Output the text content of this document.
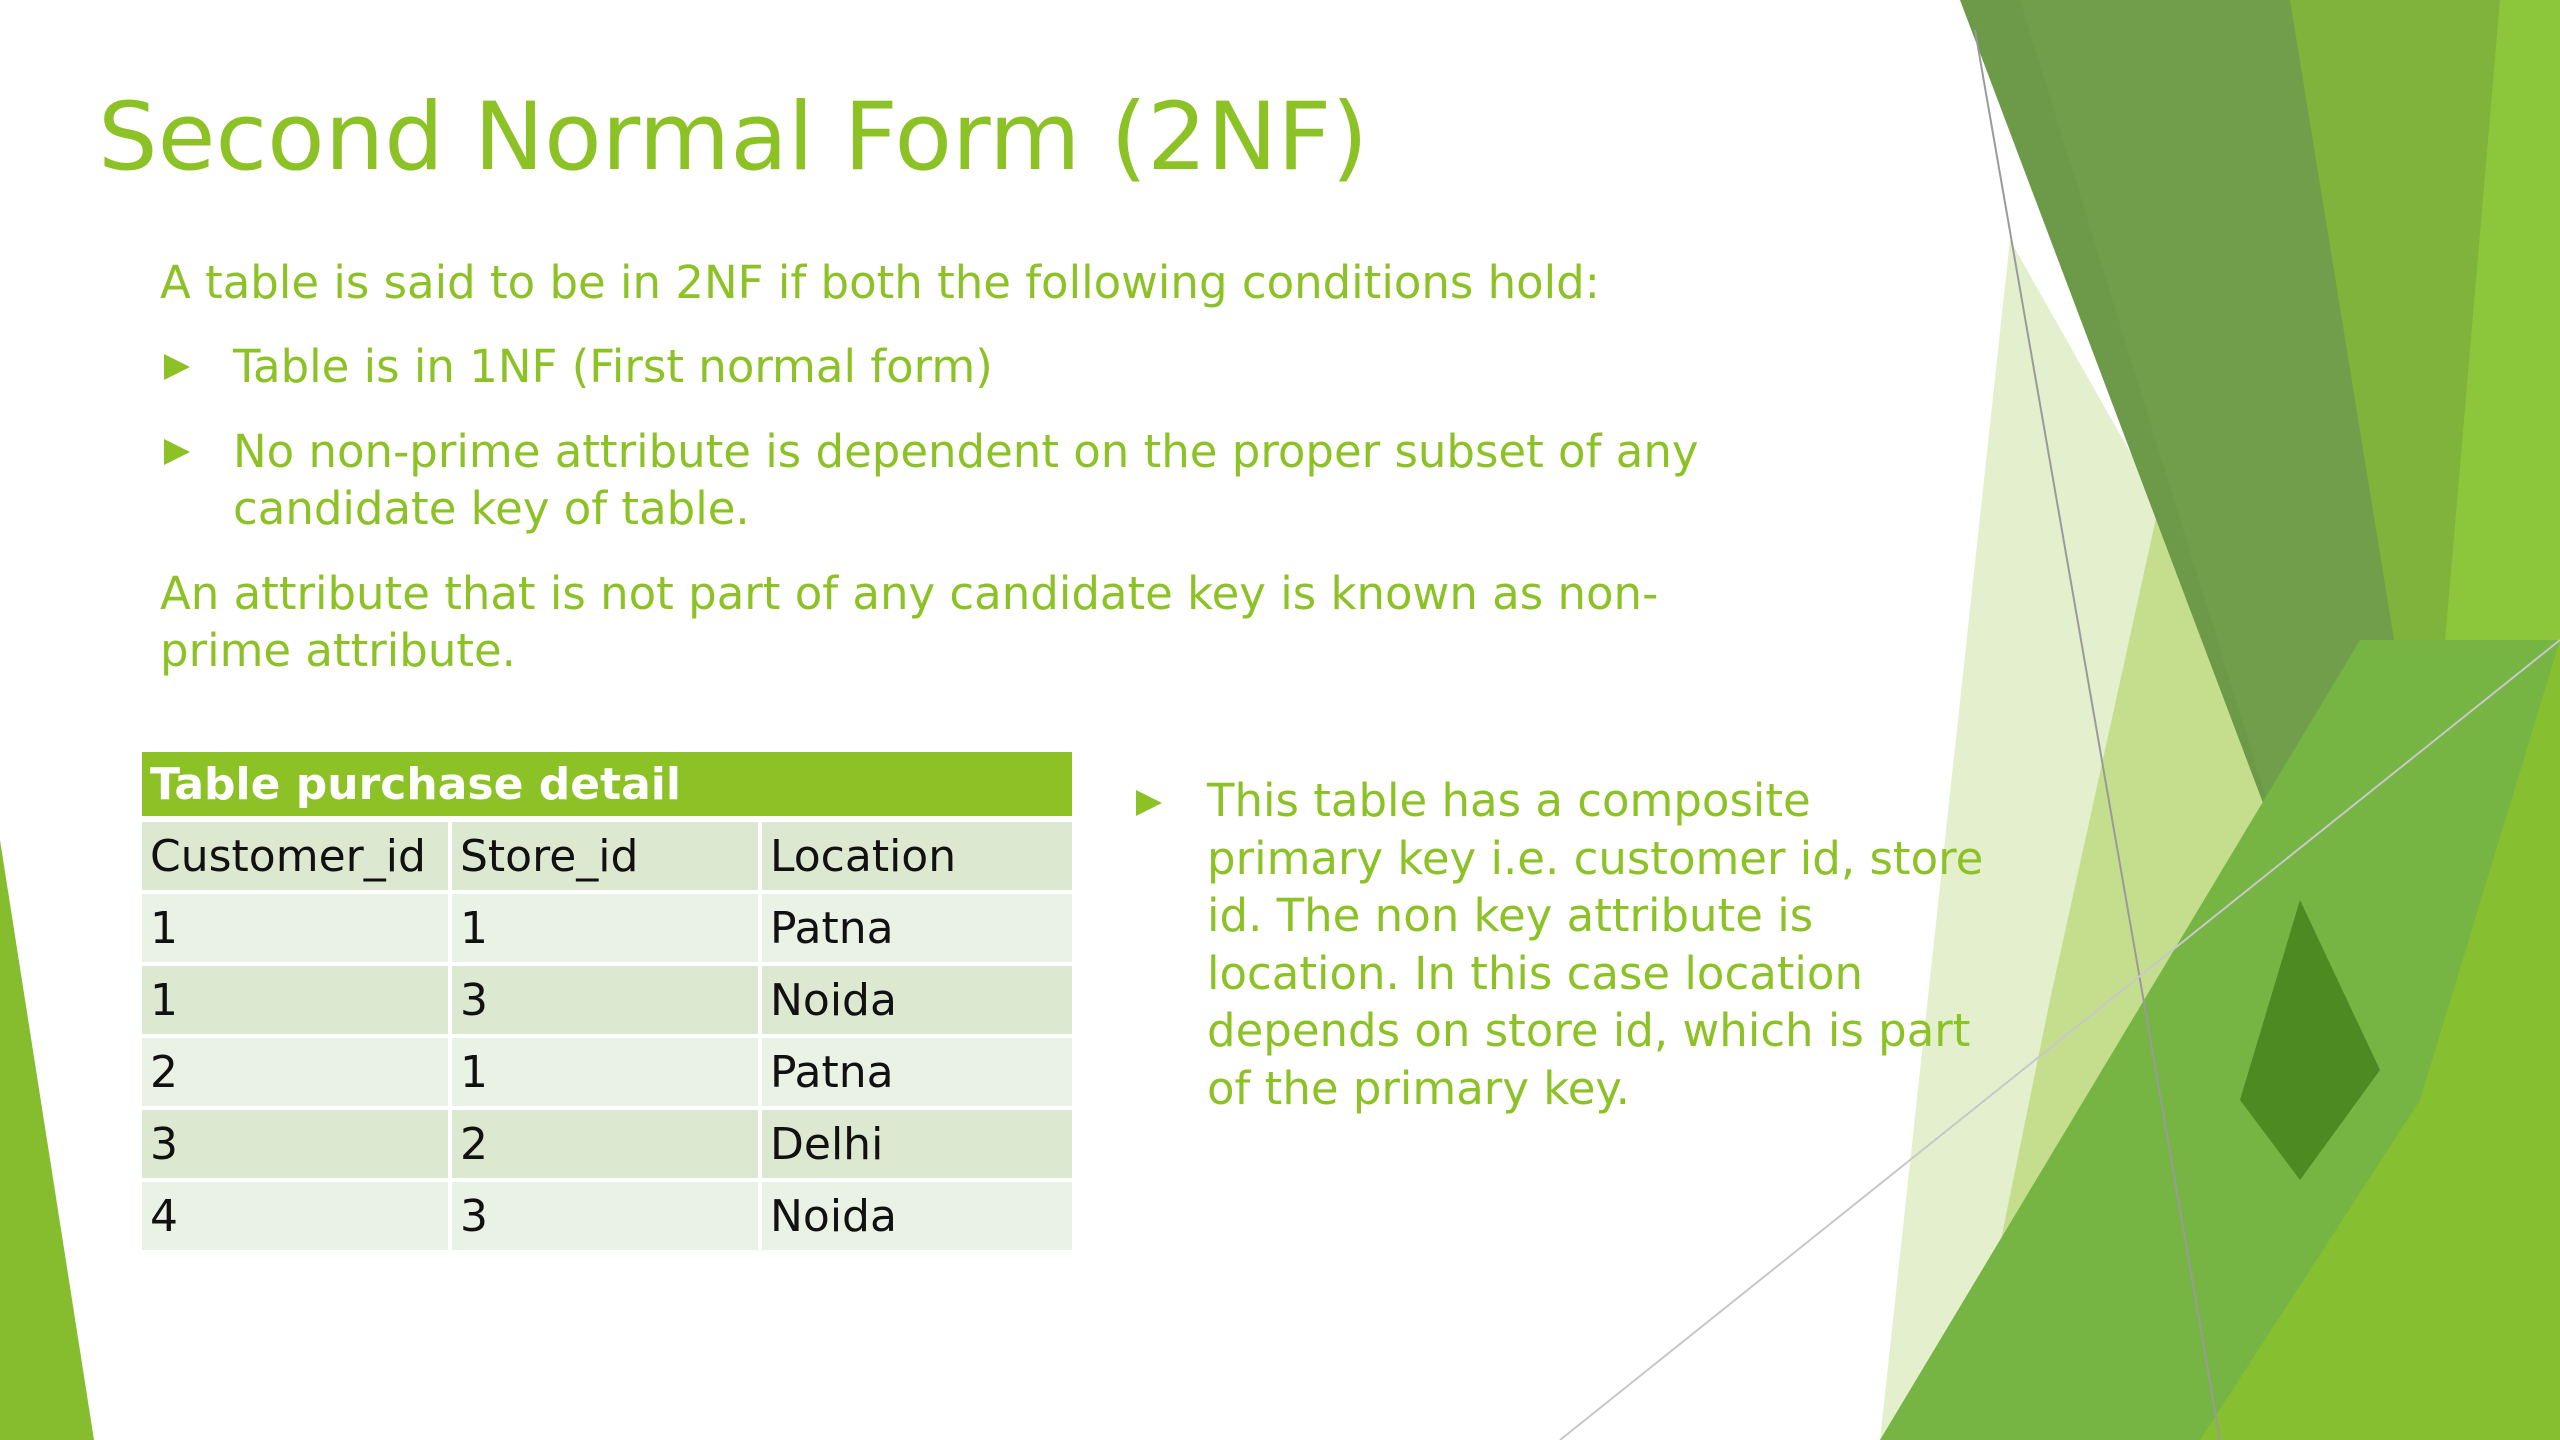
Second Normal Form (2NF)

A table is said to be in 2NF if both the following conditions hold:

Table is in 1NF (First normal form)
No non-prime attribute is dependent on the proper subset of any candidate key of table.

An attribute that is not part of any candidate key is known as non-prime attribute.

Table purchase detail		
Customer_id	Store_id	Location
1	1	Patna
1	3	Noida
2	1	Patna
3	2	Delhi
4	3	Noida
This table has a composite primary key i.e. customer id, store id. The non key attribute is location. In this case location depends on store id, which is part of the primary key.
